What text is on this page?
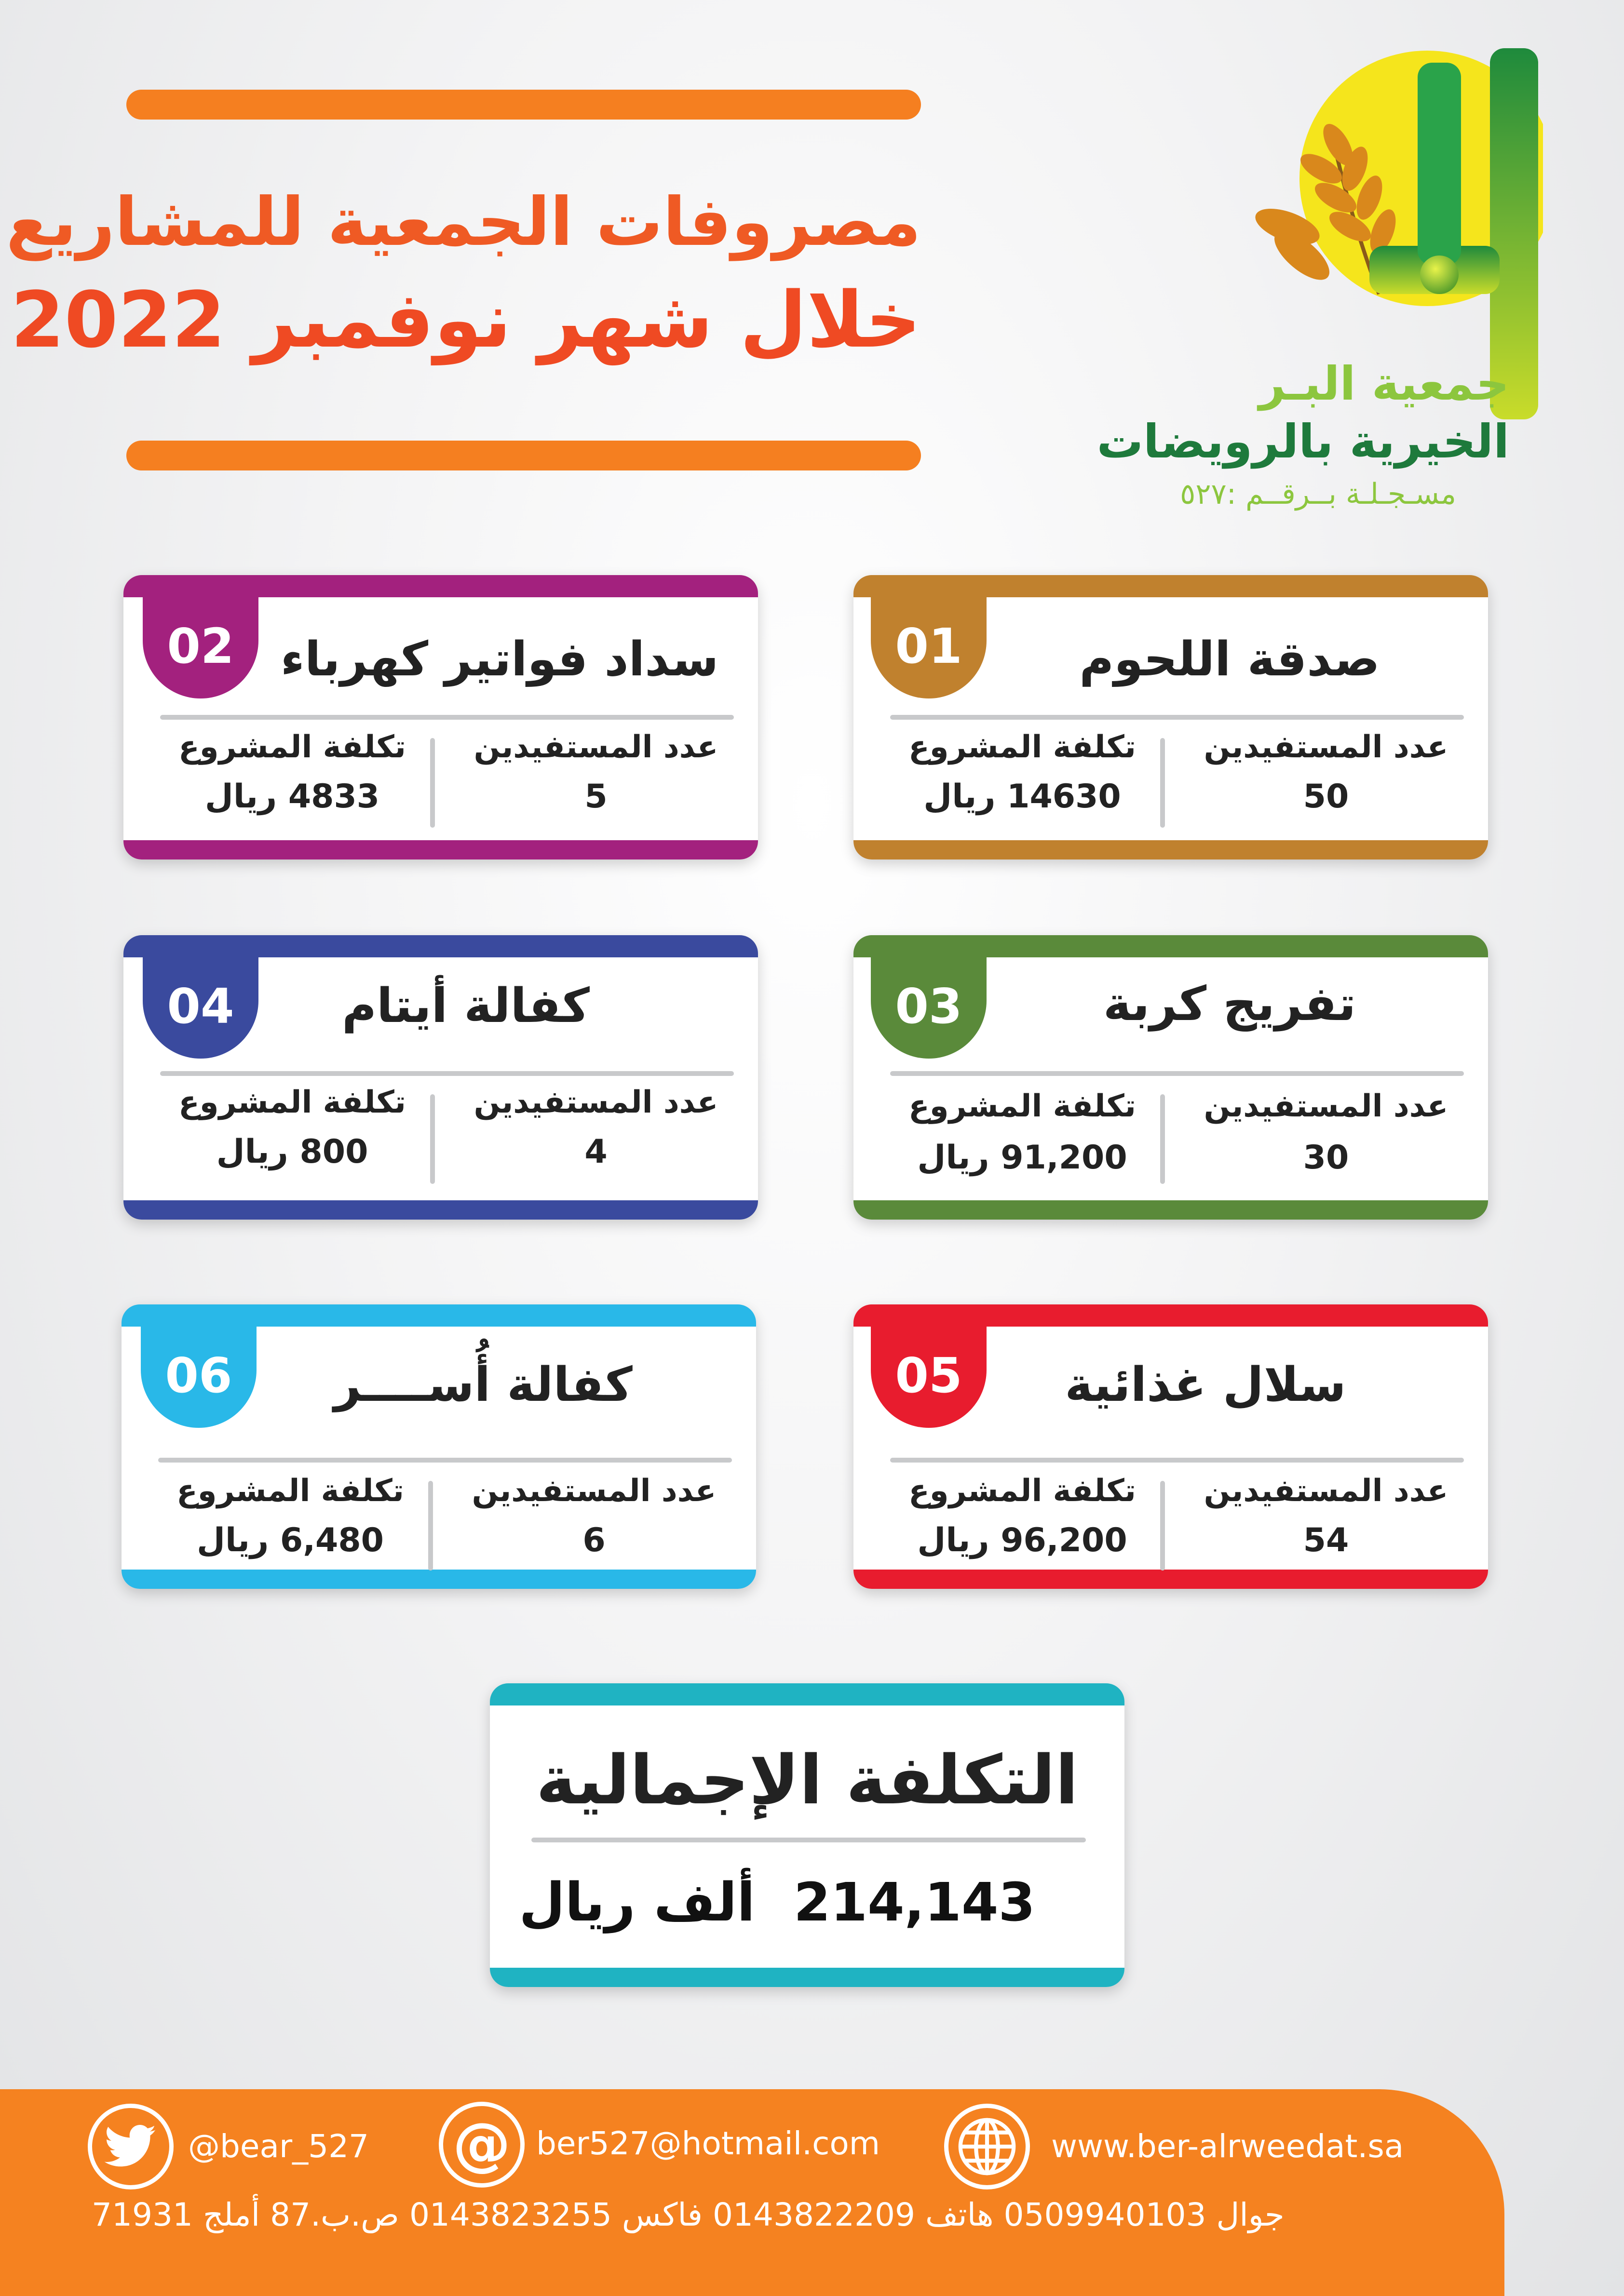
مصروفات الجمعية للمشاريع
خلال شهر نوفمبر 2022
جمعية البـر
الخيرية بالرويضات
مسـجـلـة بــرقــم :٥٢٧
01	صدقة اللحوم
عدد المستفيدين
تكلفة المشروع
50
14630 ريال
02 سداد فواتير كهرباء
عدد المستفيدين
تكلفة المشروع
5
4833 ريال
03	تفريج كربة
عدد المستفيدين
تكلفة المشروع
30
91,200 ريال
04	كفالة أيتام
عدد المستفيدين
تكلفة المشروع
4
800 ريال
05	سلال غذائية
عدد المستفيدين
تكلفة المشروع
54
96,200 ريال
06	كفالة أُســــر
عدد المستفيدين
تكلفة المشروع
6
6,480 ريال
التكلفة الإجمالية
214,143
ألف ريال
@bear_527 @ ber527@hotmail.com	www.ber-alrweedat.sa
جوال 0509940103 هاتف 0143822209 فاكس 0143823255 ص.ب.87 أملج 71931
